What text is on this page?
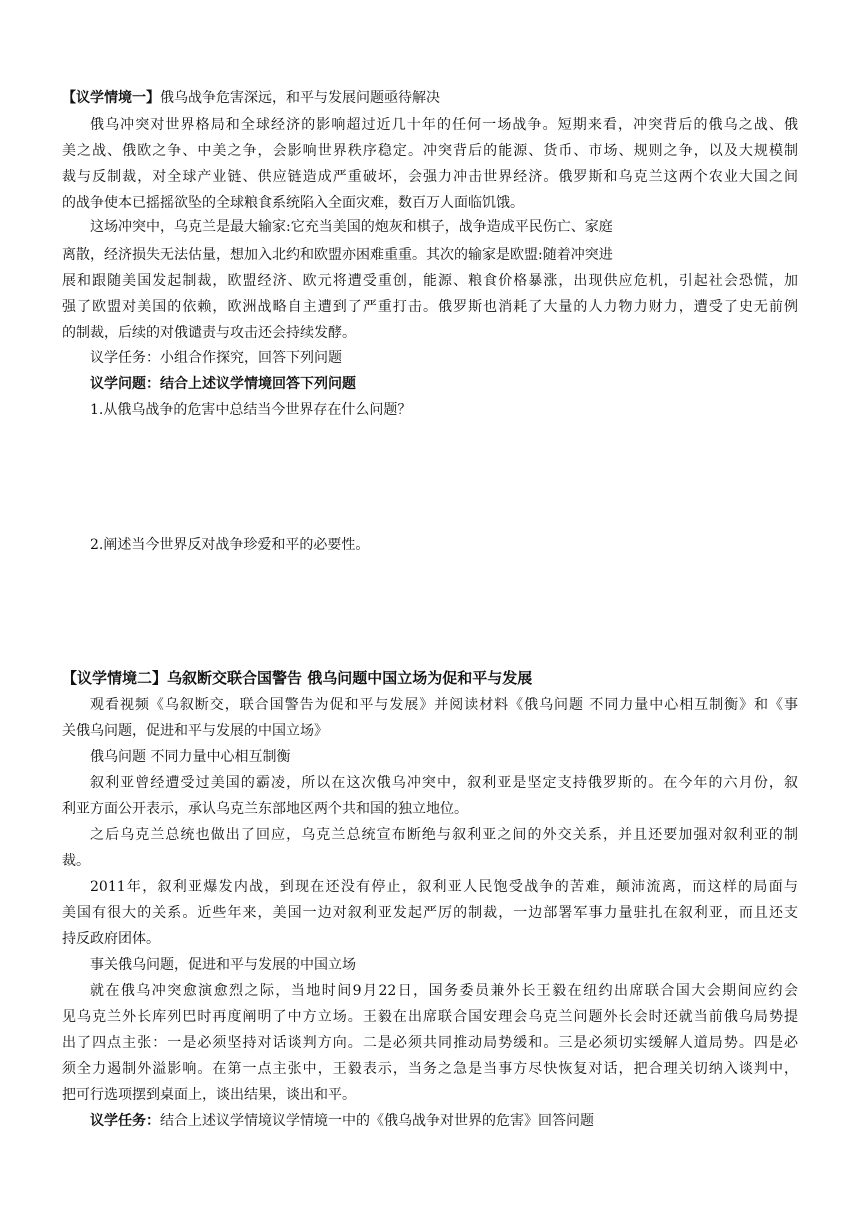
【议学情境一】俄乌战争危害深远，和平与发展问题亟待解决
俄乌冲突对世界格局和全球经济的影响超过近几十年的任何一场战争。短期来看，冲突背后的俄乌之战、俄
美之战、俄欧之争、中美之争，会影响世界秩序稳定。冲突背后的能源、货币、市场、规则之争，以及大规模制
裁与反制裁，对全球产业链、供应链造成严重破坏，会强力冲击世界经济。俄罗斯和乌克兰这两个农业大国之间
的战争使本已摇摇欲坠的全球粮食系统陷入全面灾难，数百万人面临饥饿。
这场冲突中，乌克兰是最大输家:它充当美国的炮灰和棋子，战争造成平民伤亡、家庭
离散，经济损失无法估量，想加入北约和欧盟亦困难重重。其次的输家是欧盟:随着冲突进
展和跟随美国发起制裁，欧盟经济、欧元将遭受重创，能源、粮食价格暴涨，出现供应危机，引起社会恐慌，加
强了欧盟对美国的依赖，欧洲战略自主遭到了严重打击。俄罗斯也消耗了大量的人力物力财力，遭受了史无前例
的制裁，后续的对俄谴责与攻击还会持续发酵。
议学任务：小组合作探究，回答下列问题
议学问题：结合上述议学情境回答下列问题
1.从俄乌战争的危害中总结当今世界存在什么问题？
2.阐述当今世界反对战争珍爱和平的必要性。
【议学情境二】乌叙断交联合国警告 俄乌问题中国立场为促和平与发展
观看视频《乌叙断交，联合国警告为促和平与发展》并阅读材料《俄乌问题 不同力量中心相互制衡》和《事
关俄乌问题，促进和平与发展的中国立场》
俄乌问题 不同力量中心相互制衡
叙利亚曾经遭受过美国的霸凌，所以在这次俄乌冲突中，叙利亚是坚定支持俄罗斯的。在今年的六月份，叙
利亚方面公开表示，承认乌克兰东部地区两个共和国的独立地位。
之后乌克兰总统也做出了回应，乌克兰总统宣布断绝与叙利亚之间的外交关系，并且还要加强对叙利亚的制
裁。
2011年，叙利亚爆发内战，到现在还没有停止，叙利亚人民饱受战争的苦难，颠沛流离，而这样的局面与
美国有很大的关系。近些年来，美国一边对叙利亚发起严厉的制裁，一边部署军事力量驻扎在叙利亚，而且还支
持反政府团体。
事关俄乌问题，促进和平与发展的中国立场
就在俄乌冲突愈演愈烈之际，当地时间9月22日，国务委员兼外长王毅在纽约出席联合国大会期间应约会
见乌克兰外长库列巴时再度阐明了中方立场。王毅在出席联合国安理会乌克兰问题外长会时还就当前俄乌局势提
出了四点主张：一是必须坚持对话谈判方向。二是必须共同推动局势缓和。三是必须切实缓解人道局势。四是必
须全力遏制外溢影响。在第一点主张中，王毅表示，当务之急是当事方尽快恢复对话，把合理关切纳入谈判中，
把可行选项摆到桌面上，谈出结果，谈出和平。
议学任务：结合上述议学情境议学情境一中的《俄乌战争对世界的危害》回答问题
